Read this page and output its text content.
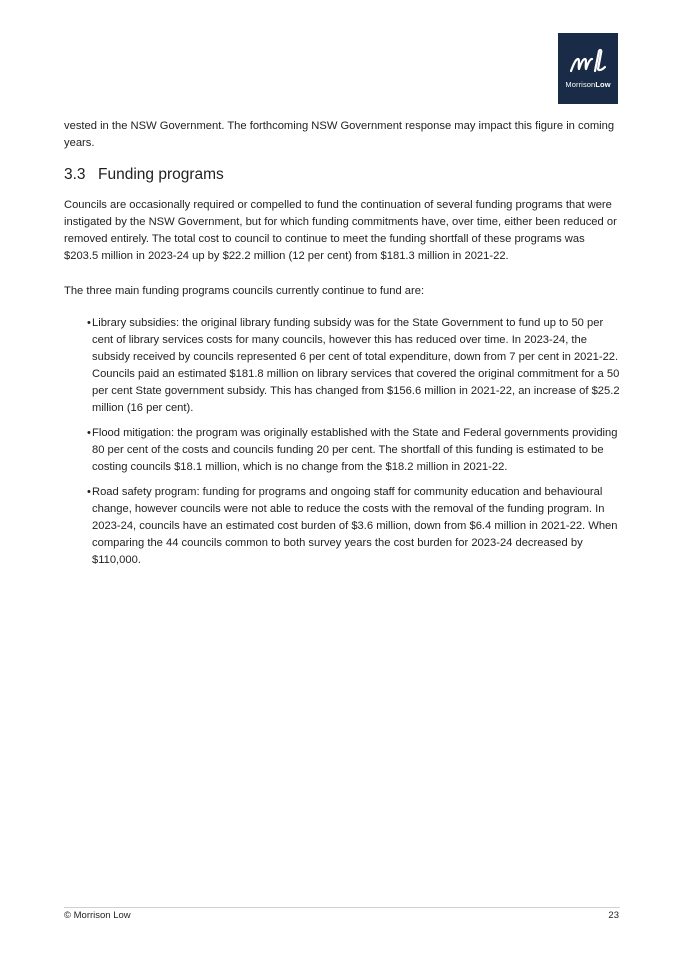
MorrisonLow

vested in the NSW Government. The forthcoming NSW Government response may impact this figure in coming years.

3.3 Funding programs

Councils are occasionally required or compelled to fund the continuation of several funding programs that were instigated by the NSW Government, but for which funding commitments have, over time, either been reduced or removed entirely. The total cost to council to continue to meet the funding shortfall of these programs was $203.5 million in 2023-24 up by $22.2 million (12 per cent) from $181.3 million in 2021-22.

The three main funding programs councils currently continue to fund are:

• Library subsidies: the original library funding subsidy was for the State Government to fund up to 50 per cent of library services costs for many councils, however this has reduced over time. In 2023-24, the subsidy received by councils represented 6 per cent of total expenditure, down from 7 per cent in 2021-22. Councils paid an estimated $181.8 million on library services that covered the original commitment for a 50 per cent State government subsidy. This has changed from $156.6 million in 2021-22, an increase of $25.2 million (16 per cent).
• Flood mitigation: the program was originally established with the State and Federal governments providing 80 per cent of the costs and councils funding 20 per cent. The shortfall of this funding is estimated to be costing councils $18.1 million, which is no change from the $18.2 million in 2021-22.
• Road safety program: funding for programs and ongoing staff for community education and behavioural change, however councils were not able to reduce the costs with the removal of the funding program. In 2023-24, councils have an estimated cost burden of $3.6 million, down from $6.4 million in 2021-22. When comparing the 44 councils common to both survey years the cost burden for 2023-24 decreased by $110,000.
© Morrison Low	23
